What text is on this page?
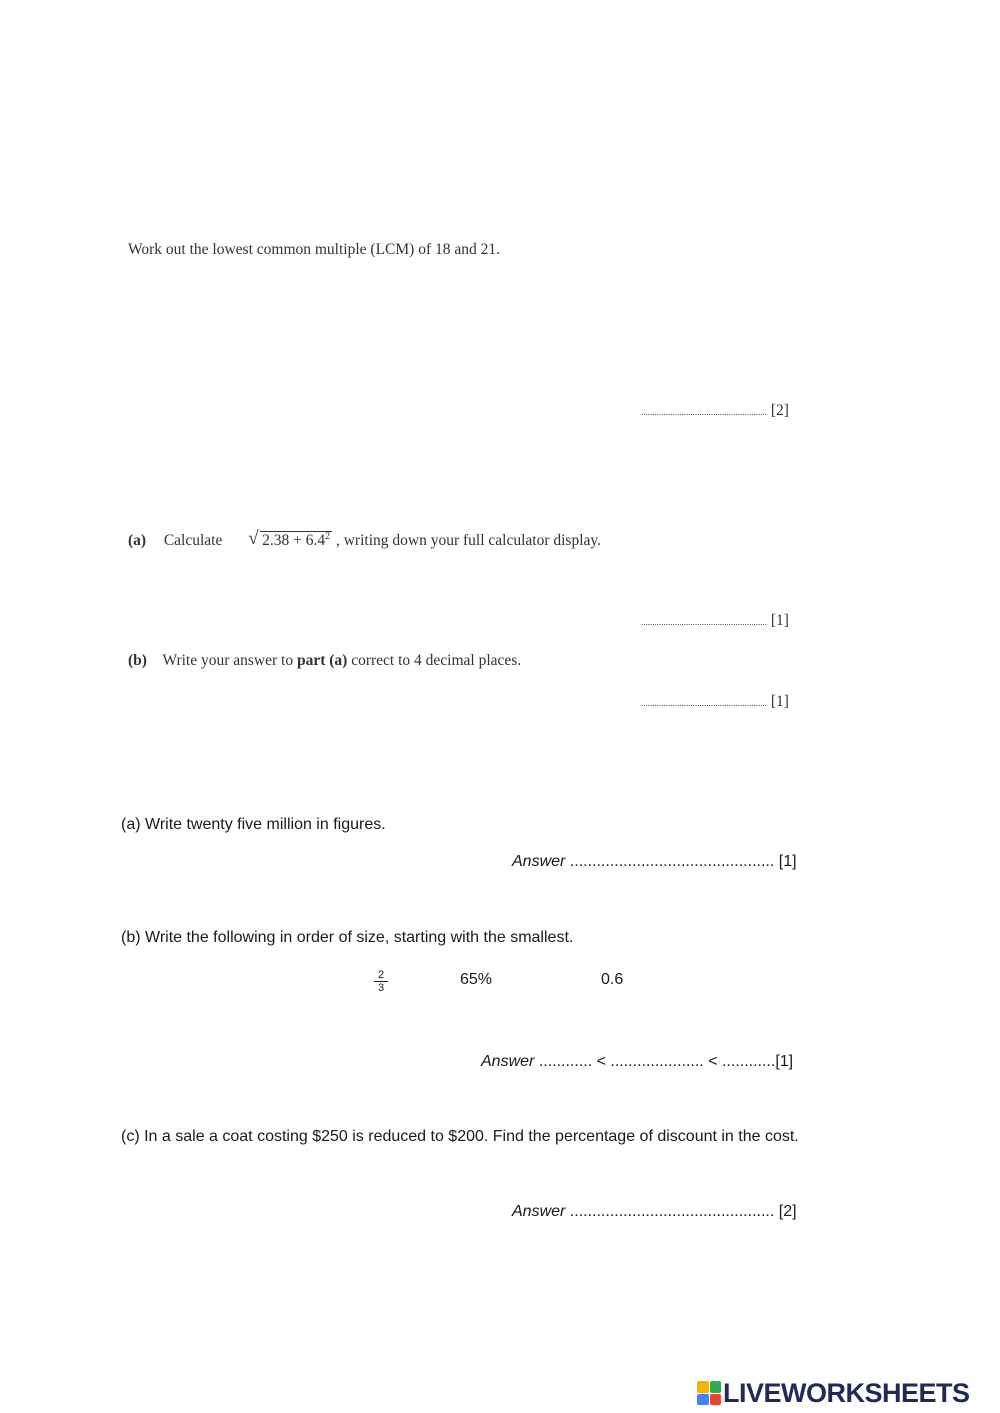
Work out the lowest common multiple (LCM) of 18 and 21.
........................................................ [2]
(a) Calculate √ $2.38 + 6.4^2$ , writing down your full calculator display.
........................................................ [1]
(b) Write your answer to part (a) correct to 4 decimal places.
........................................................ [1]
(a) Write twenty five million in figures.
Answer .............................................. [1]
(b) Write the following in order of size, starting with the smallest.
$\frac{2}{3}$	65%	0.6
Answer ............ < ..................... < ............[1]
(c) In a sale a coat costing $250 is reduced to $200. Find the percentage of discount in the cost.
Answer .............................................. [2]
LIVEWORKSHEETS
